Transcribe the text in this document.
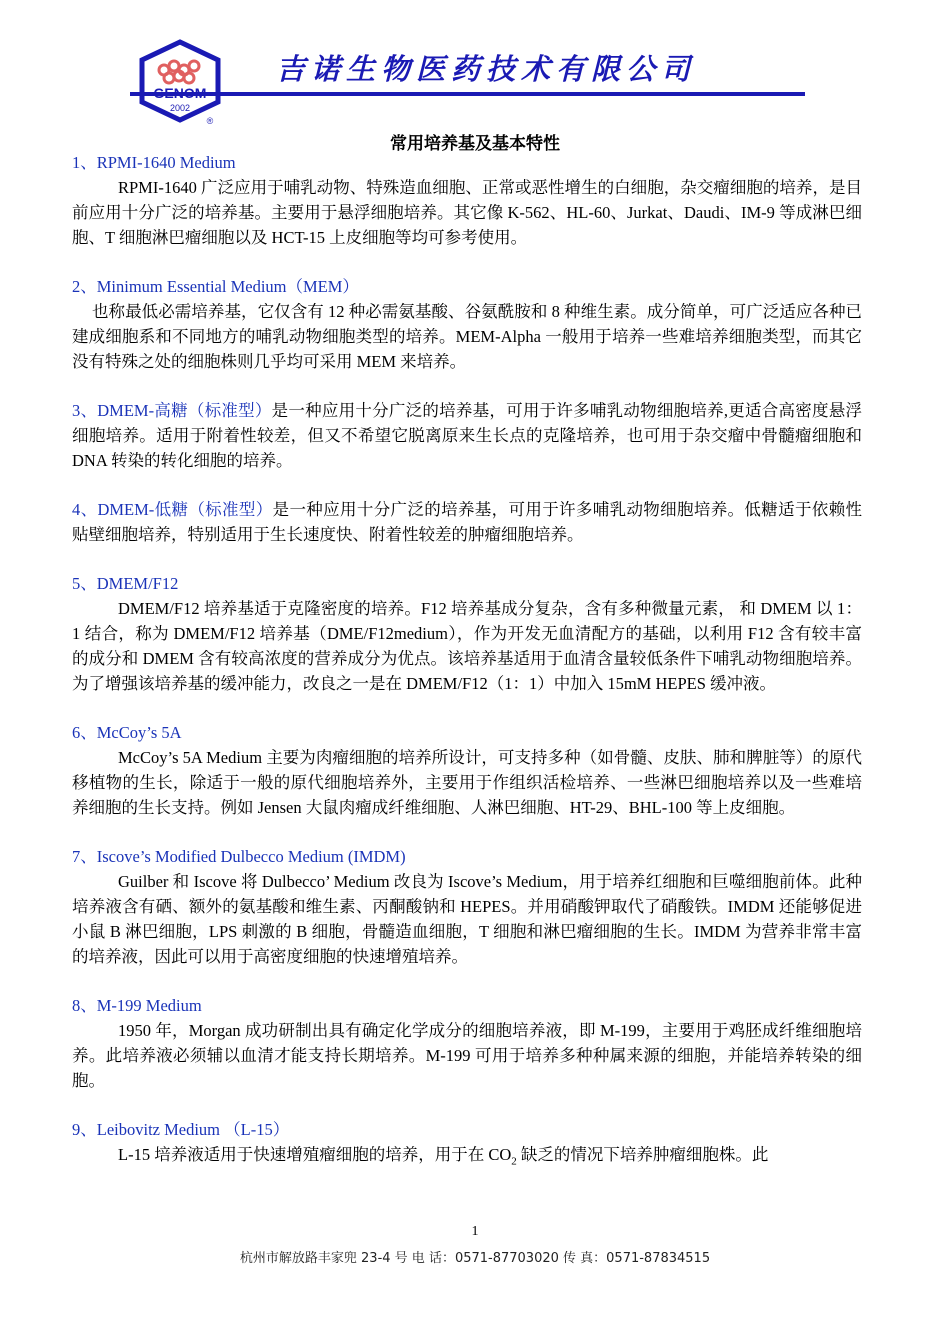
2002
®
吉诺生物医药技术有限公司
常用培养基及基本特性

1、RPMI-1640 Medium

RPMI-1640 广泛应用于哺乳动物、特殊造血细胞、正常或恶性增生的白细胞，杂交瘤细胞的培养，是目前应用十分广泛的培养基。主要用于悬浮细胞培养。其它像 K-562、HL-60、Jurkat、Daudi、IM-9 等成淋巴细胞、T 细胞淋巴瘤细胞以及 HCT-15 上皮细胞等均可参考使用。

2、Minimum Essential Medium（MEM）

也称最低必需培养基，它仅含有 12 种必需氨基酸、谷氨酰胺和 8 种维生素。成分简单，可广泛适应各种已建成细胞系和不同地方的哺乳动物细胞类型的培养。MEM-Alpha 一般用于培养一些难培养细胞类型，而其它没有特殊之处的细胞株则几乎均可采用 MEM 来培养。

3、DMEM-高糖（标准型）是一种应用十分广泛的培养基，可用于许多哺乳动物细胞培养,更适合高密度悬浮细胞培养。适用于附着性较差，但又不希望它脱离原来生长点的克隆培养，也可用于杂交瘤中骨髓瘤细胞和 DNA 转染的转化细胞的培养。

4、DMEM-低糖（标准型）是一种应用十分广泛的培养基，可用于许多哺乳动物细胞培养。低糖适于依赖性贴壁细胞培养，特别适用于生长速度快、附着性较差的肿瘤细胞培养。

5、DMEM/F12

DMEM/F12 培养基适于克隆密度的培养。F12 培养基成分复杂，含有多种微量元素， 和 DMEM 以 1：1 结合，称为 DMEM/F12 培养基（DME/F12medium），作为开发无血清配方的基础，以利用 F12 含有较丰富的成分和 DMEM 含有较高浓度的营养成分为优点。该培养基适用于血清含量较低条件下哺乳动物细胞培养。为了增强该培养基的缓冲能力，改良之一是在 DMEM/F12（1：1）中加入 15mM HEPES 缓冲液。

6、McCoy’s 5A

McCoy’s 5A Medium 主要为肉瘤细胞的培养所设计，可支持多种（如骨髓、皮肤、肺和脾脏等）的原代移植物的生长，除适于一般的原代细胞培养外，主要用于作组织活检培养、一些淋巴细胞培养以及一些难培养细胞的生长支持。例如 Jensen 大鼠肉瘤成纤维细胞、人淋巴细胞、HT-29、BHL-100 等上皮细胞。

7、Iscove’s Modified Dulbecco Medium (IMDM)

Guilber 和 Iscove 将 Dulbecco’ Medium 改良为 Iscove’s Medium，用于培养红细胞和巨噬细胞前体。此种培养液含有硒、额外的氨基酸和维生素、丙酮酸钠和 HEPES。并用硝酸钾取代了硝酸铁。IMDM 还能够促进小鼠 B 淋巴细胞，LPS 刺激的 B 细胞，骨髓造血细胞，T 细胞和淋巴瘤细胞的生长。IMDM 为营养非常丰富的培养液，因此可以用于高密度细胞的快速增殖培养。

8、M-199 Medium

1950 年，Morgan 成功研制出具有确定化学成分的细胞培养液，即 M-199，主要用于鸡胚成纤维细胞培养。此培养液必须辅以血清才能支持长期培养。M-199 可用于培养多种种属来源的细胞，并能培养转染的细胞。

9、Leibovitz Medium （L-15）

L-15 培养液适用于快速增殖瘤细胞的培养，用于在 $CO_2$ 缺乏的情况下培养肿瘤细胞株。此

1
杭州市解放路丰家兜 23-4 号 电 话：0571-87703020 传 真：0571-87834515
